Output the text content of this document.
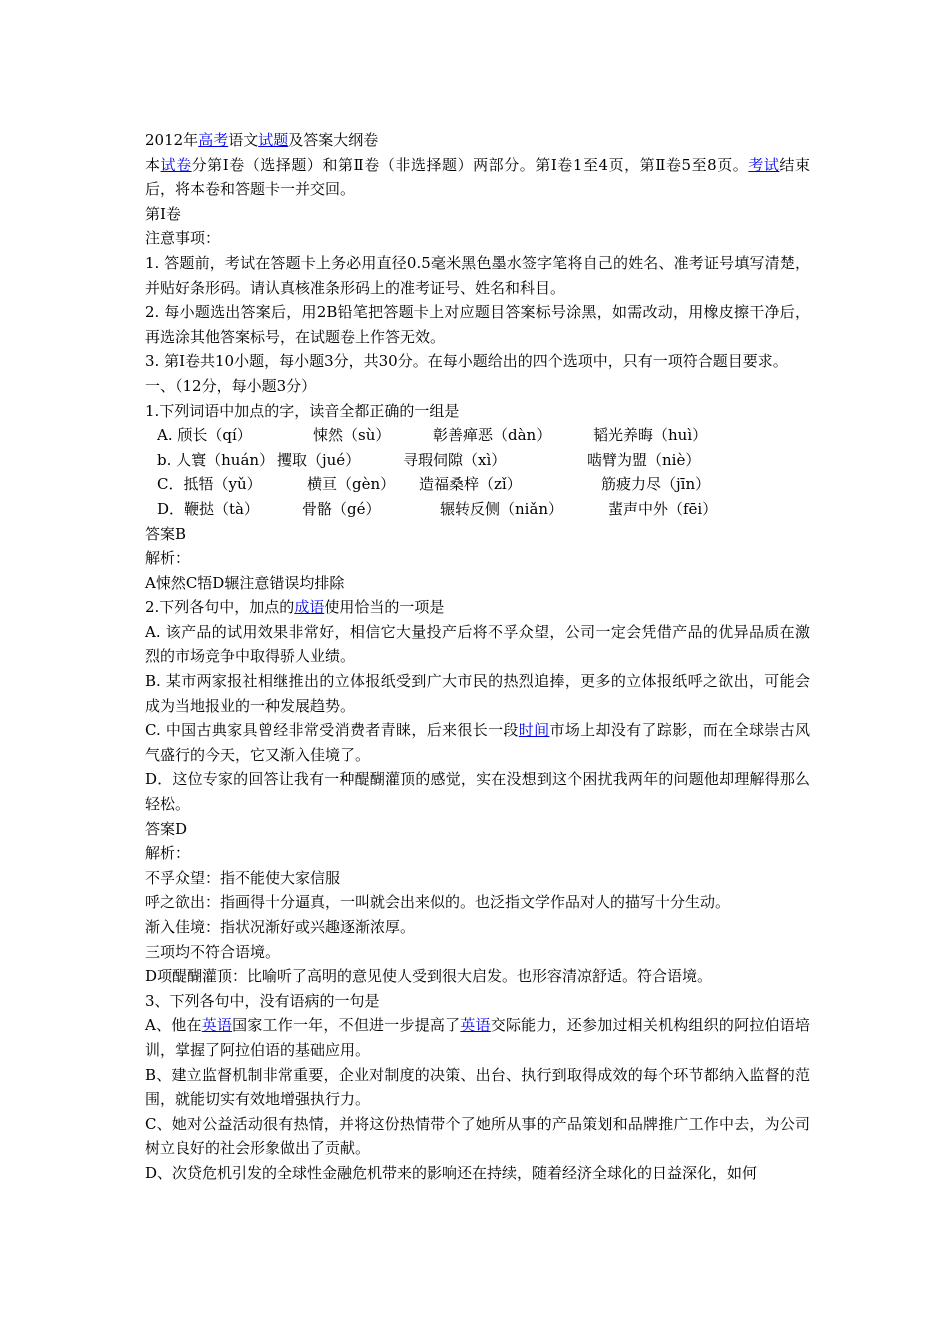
2012年高考语文试题及答案大纲卷

本试卷分第Ⅰ卷（选择题）和第Ⅱ卷（非选择题）两部分。第Ⅰ卷1至4页，第Ⅱ卷5至8页。考试结束后，将本卷和答题卡一并交回。

第Ⅰ卷

注意事项：

1. 答题前，考试在答题卡上务必用直径0.5毫米黑色墨水签字笔将自己的姓名、准考证号填写清楚，并贴好条形码。请认真核准条形码上的准考证号、姓名和科目。

2. 每小题选出答案后，用2B铅笔把答题卡上对应题目答案标号涂黑，如需改动，用橡皮擦干净后，再选涂其他答案标号，在试题卷上作答无效。

3. 第Ⅰ卷共10小题，每小题3分，共30分。在每小题给出的四个选项中，只有一项符合题目要求。

一、（12分，每小题3分）

1.下列词语中加点的字，读音全都正确的一组是

A. 颀长（qí）	悚然（sù）	彰善瘅恶（dàn）	韬光养晦（huì）
b. 人寰（huán） 攫取（jué）	寻瑕伺隙（xì）	啮臂为盟（niè）
C．抵牾（yǔ）	横亘（gèn）	造福桑梓（zǐ）	筋疲力尽（jīn）
D．鞭挞（tà）	骨骼（gé）	辗转反侧（niǎn）	蜚声中外（fēi）

答案B

解析：

A悚然C牾D辗注意错误均排除

2.下列各句中，加点的成语使用恰当的一项是

A. 该产品的试用效果非常好，相信它大量投产后将不孚众望，公司一定会凭借产品的优异品质在激烈的市场竞争中取得骄人业绩。

B. 某市两家报社相继推出的立体报纸受到广大市民的热烈追捧，更多的立体报纸呼之欲出，可能会成为当地报业的一种发展趋势。

C. 中国古典家具曾经非常受消费者青睐，后来很长一段时间市场上却没有了踪影，而在全球崇古风气盛行的今天，它又渐入佳境了。

D．这位专家的回答让我有一种醍醐灌顶的感觉，实在没想到这个困扰我两年的问题他却理解得那么轻松。

答案D

解析：

不孚众望：指不能使大家信服

呼之欲出：指画得十分逼真，一叫就会出来似的。也泛指文学作品对人的描写十分生动。

渐入佳境：指状况渐好或兴趣逐渐浓厚。

三项均不符合语境。

D项醍醐灌顶：比喻听了高明的意见使人受到很大启发。也形容清凉舒适。符合语境。

3、下列各句中，没有语病的一句是

A、他在英语国家工作一年，不但进一步提高了英语交际能力，还参加过相关机构组织的阿拉伯语培训，掌握了阿拉伯语的基础应用。

B、建立监督机制非常重要，企业对制度的决策、出台、执行到取得成效的每个环节都纳入监督的范围，就能切实有效地增强执行力。

C、她对公益活动很有热情，并将这份热情带个了她所从事的产品策划和品牌推广工作中去，为公司树立良好的社会形象做出了贡献。

D、次贷危机引发的全球性金融危机带来的影响还在持续，随着经济全球化的日益深化，如何
